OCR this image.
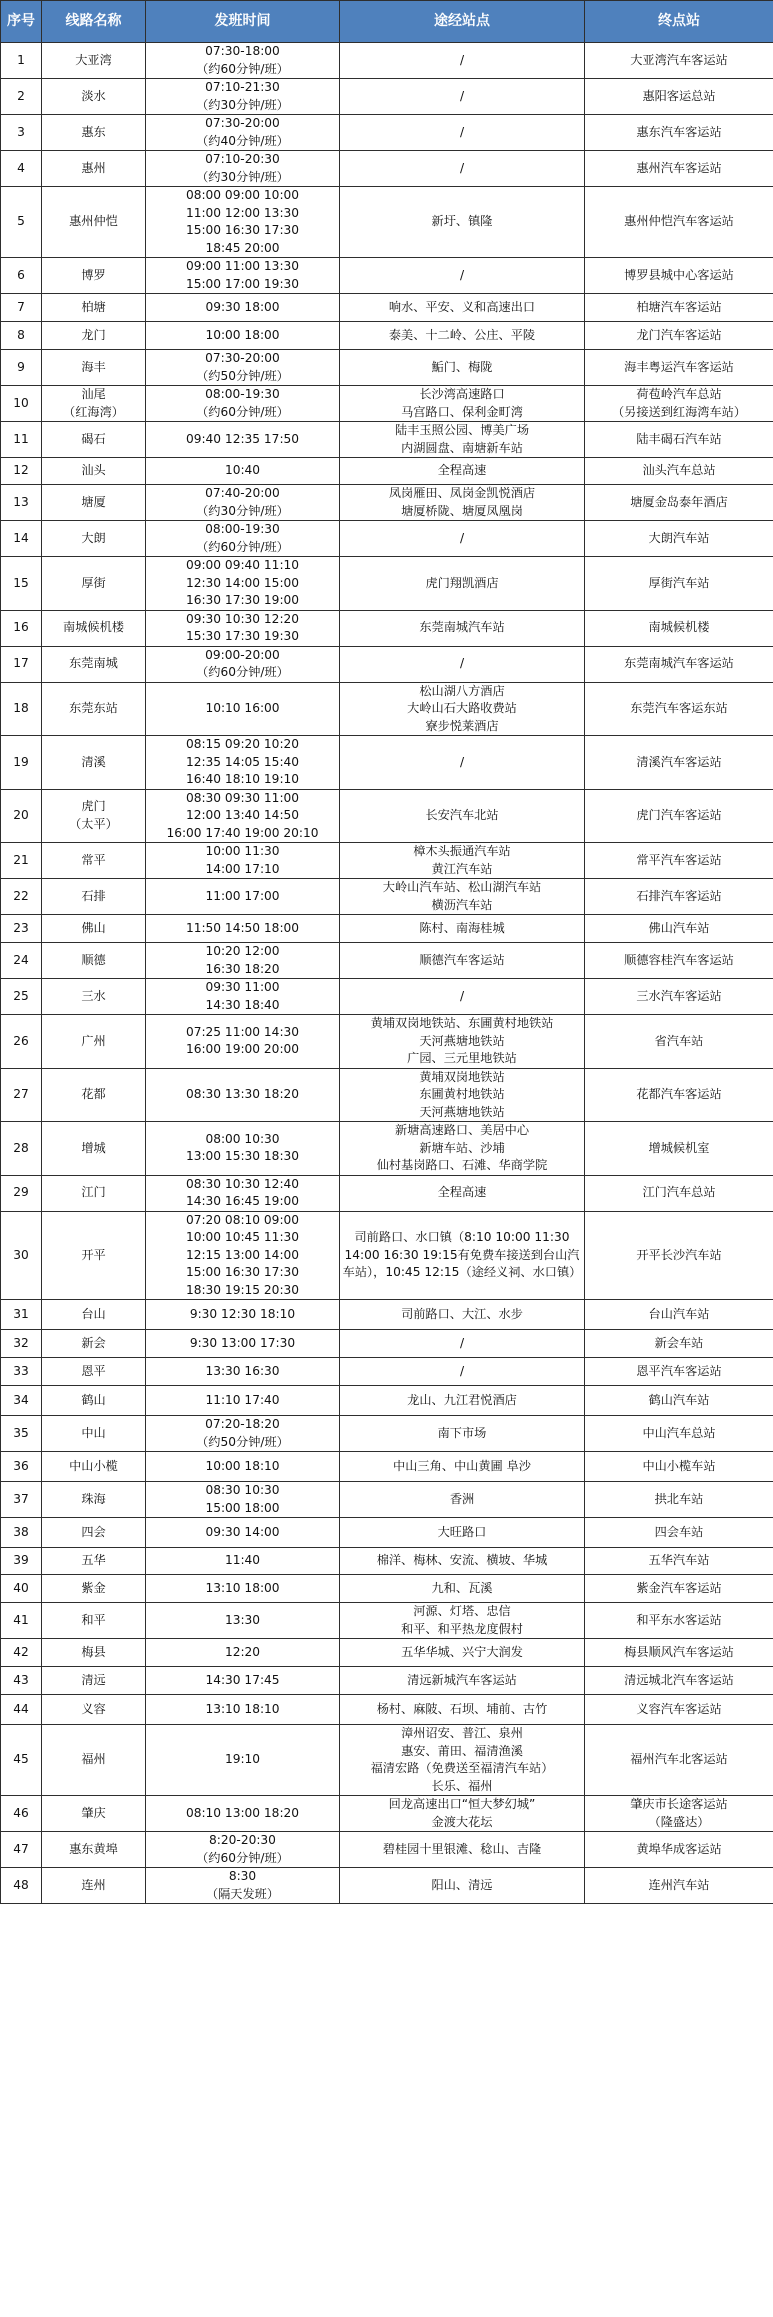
序号	线路名称	发班时间	途经站点	终点站
1	大亚湾	07:30-18:00
（约60分钟/班）	/	大亚湾汽车客运站
2	淡水	07:10-21:30
（约30分钟/班）	/	惠阳客运总站
3	惠东	07:30-20:00
（约40分钟/班）	/	惠东汽车客运站
4	惠州	07:10-20:30
（约30分钟/班）	/	惠州汽车客运站
5	惠州仲恺	08:00 09:00 10:00
11:00 12:00 13:30
15:00 16:30 17:30
18:45 20:00	新圩、镇隆	惠州仲恺汽车客运站
6	博罗	09:00 11:00 13:30
15:00 17:00 19:30	/	博罗县城中心客运站
7	柏塘	09:30 18:00	响水、平安、义和高速出口	柏塘汽车客运站
8	龙门	10:00 18:00	泰美、十二岭、公庄、平陵	龙门汽车客运站
9	海丰	07:30-20:00
（约50分钟/班）	鮜门、梅陇	海丰粤运汽车客运站
10	汕尾
（红海湾）	08:00-19:30
（约60分钟/班）	长沙湾高速路口
马宫路口、保利金町湾	荷苞岭汽车总站
（另接送到红海湾车站）
11	碣石	09:40 12:35 17:50	陆丰玉照公园、博美广场
内湖圆盘、南塘新车站	陆丰碣石汽车站
12	汕头	10:40	全程高速	汕头汽车总站
13	塘厦	07:40-20:00
（约30分钟/班）	凤岗雁田、凤岗金凯悦酒店
塘厦桥陇、塘厦凤凰岗	塘厦金岛泰年酒店
14	大朗	08:00-19:30
（约60分钟/班）	/	大朗汽车站
15	厚街	09:00 09:40 11:10
12:30 14:00 15:00
16:30 17:30 19:00	虎门翔凯酒店	厚街汽车站
16	南城候机楼	09:30 10:30 12:20
15:30 17:30 19:30	东莞南城汽车站	南城候机楼
17	东莞南城	09:00-20:00
（约60分钟/班）	/	东莞南城汽车客运站
18	东莞东站	10:10 16:00	松山湖八方酒店
大岭山石大路收费站
寮步悦莱酒店	东莞汽车客运东站
19	清溪	08:15 09:20 10:20
12:35 14:05 15:40
16:40 18:10 19:10	/	清溪汽车客运站
20	虎门
（太平）	08:30 09:30 11:00
12:00 13:40 14:50
16:00 17:40 19:00 20:10	长安汽车北站	虎门汽车客运站
21	常平	10:00 11:30
14:00 17:10	樟木头振通汽车站
黄江汽车站	常平汽车客运站
22	石排	11:00 17:00	大岭山汽车站、松山湖汽车站
横沥汽车站	石排汽车客运站
23	佛山	11:50 14:50 18:00	陈村、南海桂城	佛山汽车站
24	顺德	10:20 12:00
16:30 18:20	顺德汽车客运站	顺德容桂汽车客运站
25	三水	09:30 11:00
14:30 18:40	/	三水汽车客运站
26	广州	07:25 11:00 14:30
16:00 19:00 20:00	黄埔双岗地铁站、东圃黄村地铁站
天河燕塘地铁站
广园、三元里地铁站	省汽车站
27	花都	08:30 13:30 18:20	黄埔双岗地铁站
东圃黄村地铁站
天河燕塘地铁站	花都汽车客运站
28	增城	08:00 10:30
13:00 15:30 18:30	新塘高速路口、美居中心
新塘车站、沙埔
仙村基岗路口、石滩、华商学院	增城候机室
29	江门	08:30 10:30 12:40
14:30 16:45 19:00	全程高速	江门汽车总站
30	开平	07:20 08:10 09:00
10:00 10:45 11:30
12:15 13:00 14:00
15:00 16:30 17:30
18:30 19:15 20:30	司前路口、水口镇（8:10 10:00 11:30 14:00 16:30 19:15有免费车接送到台山汽车站），10:45 12:15（途经义祠、水口镇）	开平长沙汽车站
31	台山	9:30 12:30 18:10	司前路口、大江、水步	台山汽车站
32	新会	9:30 13:00 17:30	/	新会车站
33	恩平	13:30 16:30	/	恩平汽车客运站
34	鹤山	11:10 17:40	龙山、九江君悦酒店	鹤山汽车站
35	中山	07:20-18:20
（约50分钟/班）	南下市场	中山汽车总站
36	中山小榄	10:00 18:10	中山三角、中山黄圃 阜沙	中山小榄车站
37	珠海	08:30 10:30
15:00 18:00	香洲	拱北车站
38	四会	09:30 14:00	大旺路口	四会车站
39	五华	11:40	棉洋、梅林、安流、横坡、华城	五华汽车站
40	紫金	13:10 18:00	九和、瓦溪	紫金汽车客运站
41	和平	13:30	河源、灯塔、忠信
和平、和平热龙度假村	和平东水客运站
42	梅县	12:20	五华华城、兴宁大润发	梅县顺风汽车客运站
43	清远	14:30 17:45	清远新城汽车客运站	清远城北汽车客运站
44	义容	13:10 18:10	杨村、麻陂、石坝、埔前、古竹	义容汽车客运站
45	福州	19:10	漳州诏安、普江、泉州
惠安、莆田、福清渔溪
福清宏路（免费送至福清汽车站）
长乐、福州	福州汽车北客运站
46	肇庆	08:10 13:00 18:20	回龙高速出口“恒大梦幻城”
金渡大花坛	肇庆市长途客运站
（隆盛达）
47	惠东黄埠	8:20-20:30
（约60分钟/班）	碧桂园十里银滩、稔山、吉隆	黄埠华成客运站
48	连州	8:30
（隔天发班）	阳山、清远	连州汽车站
